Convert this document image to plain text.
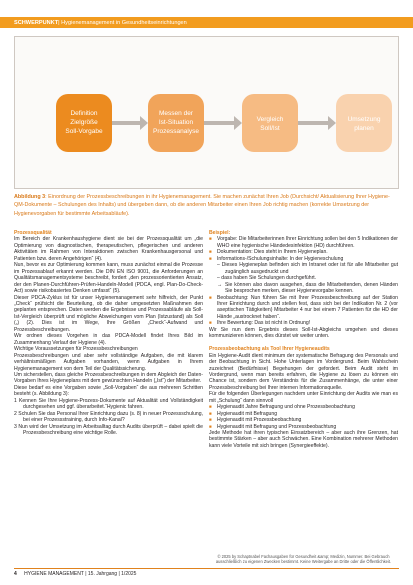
SCHWERPUNKT | Hygienemanagement in Gesundheitseinrichtungen
Definition
Zielgröße
Soll-Vorgabe
Messen der
Ist-Situation
Prozessanalyse
Vergleich
Soll/Ist
Umsetzung
planen
Abbildung 3: Einordnung der Prozessbeschreibungen in ihr Hygienemanagement. Sie machen zunächst Ihren Job (Durchsicht/ Aktualisierung Ihrer Hygiene-QM-Dokumente – Schulungen des Inhalts) und übergeben dann, ob die anderen Mitarbeiter einen Ihren Job richtig machen (korrekte Umsetzung der Hygienevorgaben für bestimmte Arbeitsabläufe).

Prozessqualität

Im Bereich der Krankenhaushygiene dient sie bei der Prozessqualität um „die Optimierung von diagnostischen, therapeutischen, pflegerischen und anderen Aktivitäten im Rahmen von Interaktionen zwischen Krankenhausgersonal und Patienten bzw. deren Angehörigen“ (4).

Nun, bevor es zur Optimierung kommen kann, muss zunächst einmal die Prozesse im Prozessablauf erkannt werden. Die DIN EN ISO 9001, die Anforderungen an Qualitätsmanagementsysteme beschreibt, fordert „den prozessorientierten Ansatz, der den Planen-Durchführen-Prüfen-Handeln-Modell (PDCA, engl. Plan-Do-Check-Act) sowie risikobasiertes Denken umfasst“ (5).

Dieser PDCA-Zyklus ist für unser Hygienemanagement sehr hilfreich, der Punkt „Check“ prüfsicht die Beurteilung, ob die daher umgesetzten Maßnahmen den geplanten entsprechen. Daten werden die Ergebnisse und Prozessabläufe als Soll-Ist-Vergleich überprüft und mögliche Abweichungen vom Plan (Istzustand) als Soll („) (2). Dies ist im Wege, Ihre Größen „Check“-Aufwand und Prozessbeschreibungen.

Wir ordnen dieses Vorgehen in das PDCA-Modell findet Ihres Bild im Zusammenhang Verlauf der Hygiene (4).

Wichtige Voraussetzungen für Prozessbeschreibungen

Prozessbeschreibungen und aber sehr vollständige Aufgaben, die mit klarem verhältnismäßigen Aufgaben vorhanden, wenn Aufgaben in Ihrem Hygienemanagement von dem Teil der Qualitätssicherung.

Um sicherstellen, dass gleiche Prozessbeschreibungen in dem Abgleich der Daten-Vorgaben Ihres Hygieneplans mit dem gewünschten Handeln („Ist“) der Mitarbeiter.

Diese bedarf es eine Vorgaben sowie „Soll-Vorgaben“ die aus mehreren Schritten besteht (s. Abbildung 3):

1 Kennen Sie Ihre Hygiene-Prozess-Dokumente auf Aktualität und Vollständigkeit durchgesehen und ggf. überarbeitet.“Hygienic fahren.

2 Schulen Sie das Personal Ihrer Einrichtung dazu (s. 8) in neuer Prozessschulung, bei einer Prozessstraining, durch Info-Kanal?

3 Nun wird der Umsetzung im Arbeitsalltag durch Audits überprüft – dabei spielt die Prozessbeschreibung eine wichtige Rolle.

Beispiel:

■ Vorgabe: Die Mitarbeiterinnen Ihrer Einrichtung sollen bei den 5 Indikationen der WHO eine hygienische Händedesinfektion (HD) durchführen.

■ Dokumentation: Dies steht in Ihrem Hygieneplan.

■ Informations-/Schulungsinhalte: In der Hygieneschulung

– Dieses Hygieneplan befinden sich im Intranet oder ist für alle Mitarbeiter gut zugänglich ausgedruckt und

– dass haben Sie Schulungen durchgeführt.

→ Sie können also davon ausgehen, dass die Mitarbeitenden, denen Händen Sie besprochen merken, dieser Hygienevorgabe kennen.

■ Beobachtung: Nun führen Sie mit Ihrer Prozessbeschreibung auf der Station Ihrer Einrichtung durch und stellen fest, dass sich bei der Indikation Nr. 2 (vor aseptischen Tätigkeiten) Mitarbeiter 4 nur bei einem 7 Patienten für die HD der Hände „austrocknet haben“.

■ Ihre Bewertung: Das ist nicht in Ordnung!

Wir Sie nun dem Ergebnis dieses Soll-Ist-Abgleichs umgehen und dieses kommunizieren können, dies dürstet wir weiter unten.

Prozessbeobachtung als Tool Ihrer Hygieneaudits

Ein Hygiene-Audit dient minimum der systematische Befragung des Personals und der Beobachtung in Sicht. Hohe Unterlagen im Vordergrund. Beim Wahlschein zuzeichnet (Bedürfnisse) Begehungen der gefordert. Beim Audit steht im Vordergrund, wenn man bereits erfahren, die Hygiene zu lösen zu können ein Chance ist, sondern dem Verständnis für die Zusammenhänge, die unter einer Prozessbeschreibung bei Ihrer internen Informationsquelle.

Für die folgenden Überlegungen nachdem unter Einrichtung der Audits wie man es mit „Schulung“ dann sinnvoll

■ Hygienaudit Jahre Befragung und ohne Prozessbeobachtung

■ Hygienaudit mit Befragung

■ Hygienaudit mit Prozessbeobachtung

■ Hygienaudit mit Befragung und Prozessbeobachtung

Jede Methode hat ihren typischen Einsatzbereich – aber auch ihre Grenzen, hat bestimmte Stärken – aber auch Schwächen. Eine Kombination mehrerer Methoden kann viele Vorteile mit sich bringen (Synergieeffekte).

© 2025 by Schaptnabel Fachausgaben für Gesundheit &amp; Medizin, Nummer. Bei Gebrauch ausschließlich zu eigenen Zwecken bestimmt. Keine Weitergabe an Dritte oder die Öffentlichkeit.
4 HYGIENE MANAGEMENT | 15. Jahrgang | 1/2025
